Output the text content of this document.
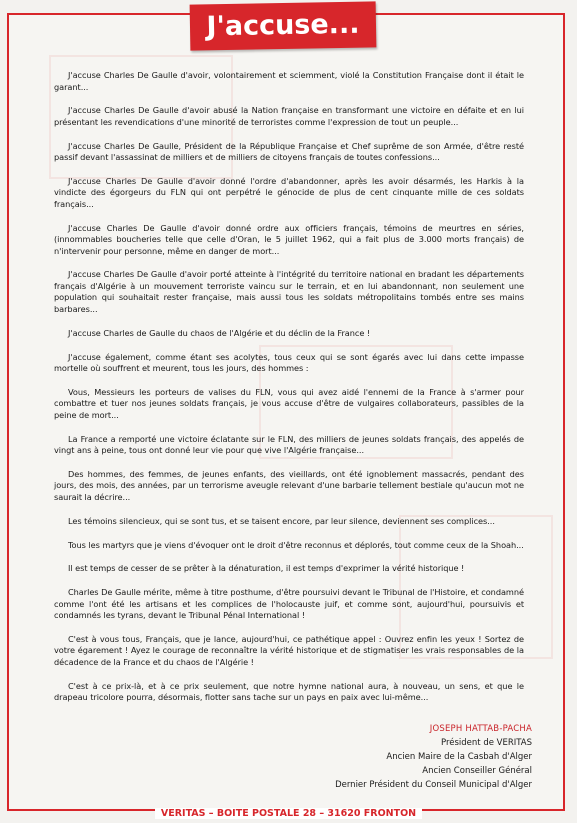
J'accuse...

J'accuse Charles De Gaulle d'avoir, volontairement et sciemment, violé la Constitution Française dont il était le garant...

J'accuse Charles De Gaulle d'avoir abusé la Nation française en transformant une victoire en défaite et en lui présentant les revendications d'une minorité de terroristes comme l'expression de tout un peuple...

J'accuse Charles De Gaulle, Président de la République Française et Chef suprême de son Armée, d'être resté passif devant l'assassinat de milliers et de milliers de citoyens français de toutes confessions...

J'accuse Charles De Gaulle d'avoir donné l'ordre d'abandonner, après les avoir désarmés, les Harkis à la vindicte des égorgeurs du FLN qui ont perpétré le génocide de plus de cent cinquante mille de ces soldats français...

J'accuse Charles De Gaulle d'avoir donné ordre aux officiers français, témoins de meurtres en séries, (innommables boucheries telle que celle d'Oran, le 5 juillet 1962, qui a fait plus de 3.000 morts français) de n'intervenir pour personne, même en danger de mort...

J'accuse Charles De Gaulle d'avoir porté atteinte à l'intégrité du territoire national en bradant les départements français d'Algérie à un mouvement terroriste vaincu sur le terrain, et en lui abandonnant, non seulement une population qui souhaitait rester française, mais aussi tous les soldats métropolitains tombés entre ses mains barbares...

J'accuse Charles de Gaulle du chaos de l'Algérie et du déclin de la France !

J'accuse également, comme étant ses acolytes, tous ceux qui se sont égarés avec lui dans cette impasse mortelle où souffrent et meurent, tous les jours, des hommes :

Vous, Messieurs les porteurs de valises du FLN, vous qui avez aidé l'ennemi de la France à s'armer pour combattre et tuer nos jeunes soldats français, je vous accuse d'être de vulgaires collaborateurs, passibles de la peine de mort...

La France a remporté une victoire éclatante sur le FLN, des milliers de jeunes soldats français, des appelés de vingt ans à peine, tous ont donné leur vie pour que vive l'Algérie française...

Des hommes, des femmes, de jeunes enfants, des vieillards, ont été ignoblement massacrés, pendant des jours, des mois, des années, par un terrorisme aveugle relevant d'une barbarie tellement bestiale qu'aucun mot ne saurait la décrire...

Les témoins silencieux, qui se sont tus, et se taisent encore, par leur silence, deviennent ses complices...

Tous les martyrs que je viens d'évoquer ont le droit d'être reconnus et déplorés, tout comme ceux de la Shoah...

Il est temps de cesser de se prêter à la dénaturation, il est temps d'exprimer la vérité historique !

Charles De Gaulle mérite, même à titre posthume, d'être poursuivi devant le Tribunal de l'Histoire, et condamné comme l'ont été les artisans et les complices de l'holocauste juif, et comme sont, aujourd'hui, poursuivis et condamnés les tyrans, devant le Tribunal Pénal International !

C'est à vous tous, Français, que je lance, aujourd'hui, ce pathétique appel : Ouvrez enfin les yeux ! Sortez de votre égarement ! Ayez le courage de reconnaître la vérité historique et de stigmatiser les vrais responsables de la décadence de la France et du chaos de l'Algérie !

C'est à ce prix-là, et à ce prix seulement, que notre hymne national aura, à nouveau, un sens, et que le drapeau tricolore pourra, désormais, flotter sans tache sur un pays en paix avec lui-même...

JOSEPH HATTAB-PACHA
Président de VERITAS
Ancien Maire de la Casbah d'Alger
Ancien Conseiller Général
Dernier Président du Conseil Municipal d'Alger
VERITAS – BOITE POSTALE 28 – 31620 FRONTON
